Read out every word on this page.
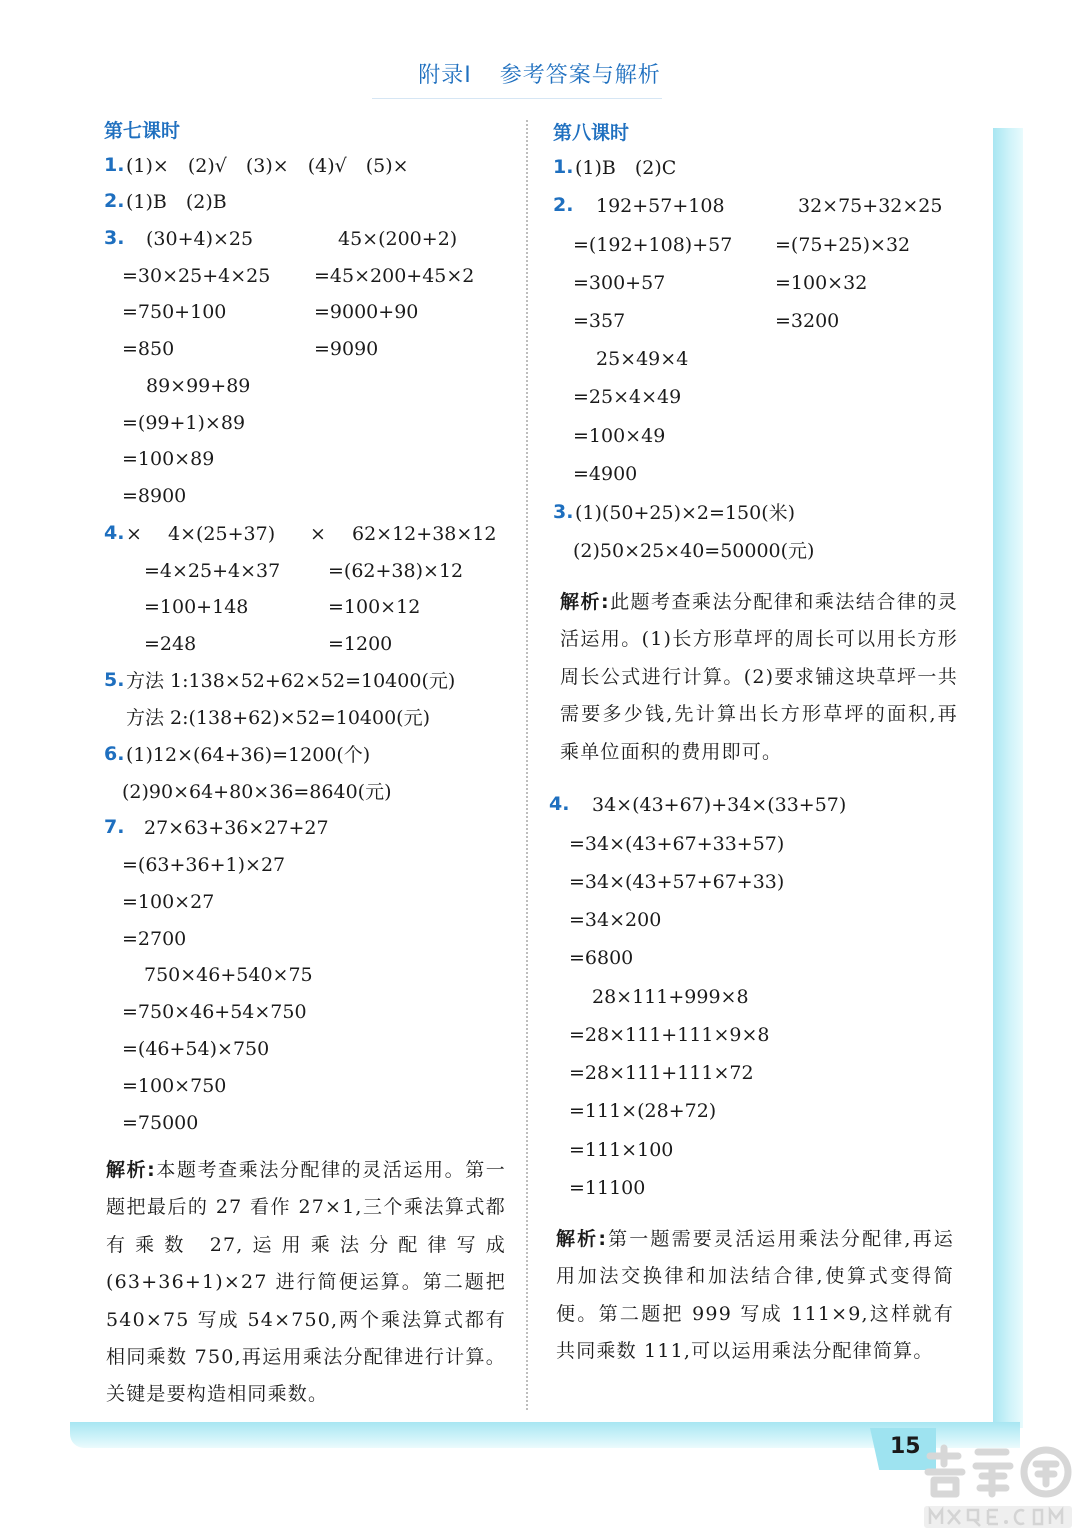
附录Ⅰ 参考答案与解析
15
第七课时
1. (1)×　(2)√　(3)×　(4)√　(5)×
2. (1)B　(2)B
3. (30+4)×25
=30×25+4×25
=750+100
=850
45×(200+2)
=45×200+45×2
=9000+90
=9090
89×99+89
=(99+1)×89
=100×89
=8900
4. × 4×(25+37)
=4×25+4×37
=100+148
=248
× 62×12+38×12
=(62+38)×12
=100×12
=1200
5. 方法 1:138×52+62×52=10400(元)
方法 2:(138+62)×52=10400(元)
6. (1)12×(64+36)=1200(个)
(2)90×64+80×36=8640(元)
7. 27×63+36×27+27
=(63+36+1)×27
=100×27
=2700
750×46+540×75
=750×46+54×750
=(46+54)×750
=100×750
=75000
解析:本题考查乘法分配律的灵活运用。第一题把最后的 27 看作 27×1,三个乘法算式都有乘数 27,运用乘法分配律写成(63+36+1)×27 进行简便运算。第二题把 540×75 写成 54×750,两个乘法算式都有相同乘数 750,再运用乘法分配律进行计算。关键是要构造相同乘数。
第八课时
1. (1)B　(2)C
2. 192+57+108
=(192+108)+57
=300+57
=357
32×75+32×25
=(75+25)×32
=100×32
=3200
25×49×4
=25×4×49
=100×49
=4900
3. (1)(50+25)×2=150(米)
(2)50×25×40=50000(元)
解析:此题考查乘法分配律和乘法结合律的灵活运用。(1)长方形草坪的周长可以用长方形周长公式进行计算。(2)要求铺这块草坪一共需要多少钱,先计算出长方形草坪的面积,再乘单位面积的费用即可。
4. 34×(43+67)+34×(33+57)
=34×(43+67+33+57)
=34×(43+57+67+33)
=34×200
=6800
28×111+999×8
=28×111+111×9×8
=28×111+111×72
=111×(28+72)
=111×100
=11100
解析:第一题需要灵活运用乘法分配律,再运用加法交换律和加法结合律,使算式变得简便。第二题把 999 写成 111×9,这样就有共同乘数 111,可以运用乘法分配律简算。
